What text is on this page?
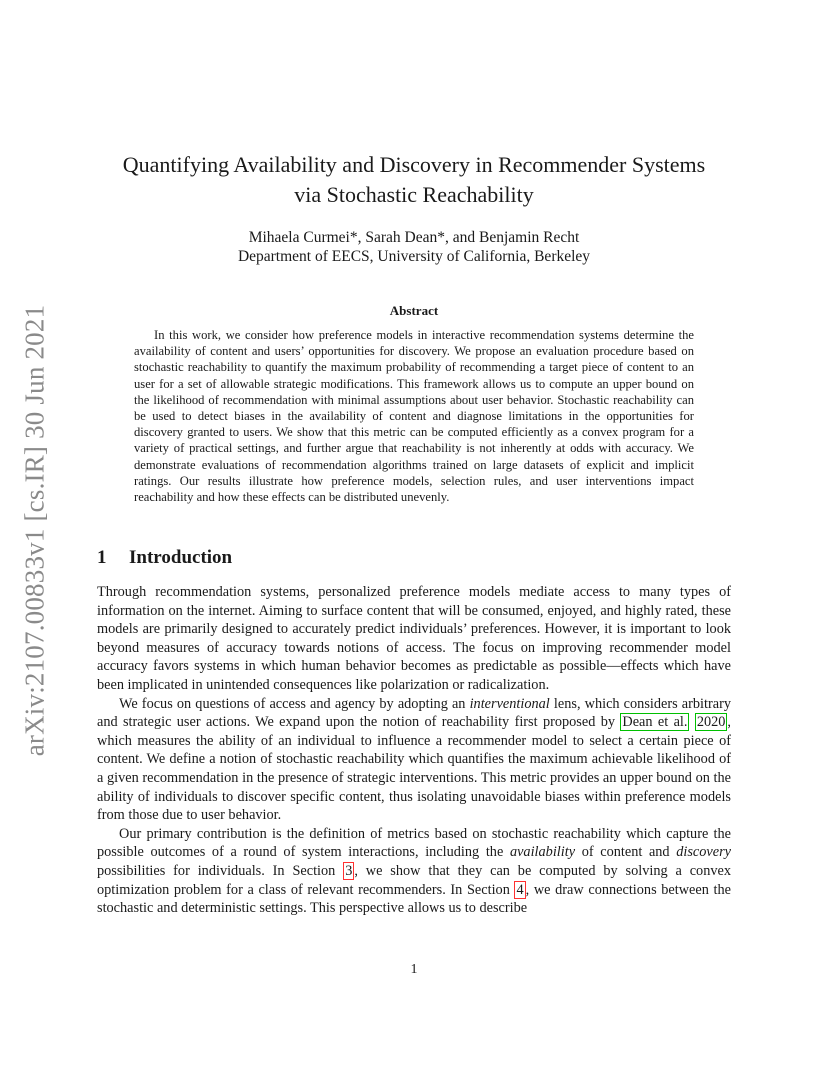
arXiv:2107.00833v1 [cs.IR] 30 Jun 2021
Quantifying Availability and Discovery in Recommender Systems
via Stochastic Reachability
Mihaela Curmei*, Sarah Dean*, and Benjamin Recht
Department of EECS, University of California, Berkeley
Abstract

In this work, we consider how preference models in interactive recommendation systems determine the availability of content and users’ opportunities for discovery. We propose an evaluation procedure based on stochastic reachability to quantify the maximum probability of recommending a target piece of content to an user for a set of allowable strategic modifications. This framework allows us to compute an upper bound on the likelihood of recommendation with minimal assumptions about user behavior. Stochastic reachability can be used to detect biases in the availability of content and diagnose limitations in the opportunities for discovery granted to users. We show that this metric can be computed efficiently as a convex program for a variety of practical settings, and further argue that reachability is not inherently at odds with accuracy. We demonstrate evaluations of recommendation algorithms trained on large datasets of explicit and implicit ratings. Our results illustrate how preference models, selection rules, and user interventions impact reachability and how these effects can be distributed unevenly.

1 Introduction

Through recommendation systems, personalized preference models mediate access to many types of information on the internet. Aiming to surface content that will be consumed, enjoyed, and highly rated, these models are primarily designed to accurately predict individuals’ preferences. However, it is important to look beyond measures of accuracy towards notions of access. The focus on improving recommender model accuracy favors systems in which human behavior becomes as predictable as possible—effects which have been implicated in unintended consequences like polarization or radicalization.

We focus on questions of access and agency by adopting an interventional lens, which considers arbitrary and strategic user actions. We expand upon the notion of reachability first proposed by Dean et al. 2020 , which measures the ability of an individual to influence a recommender model to select a certain piece of content. We define a notion of stochastic reachability which quantifies the maximum achievable likelihood of a given recommendation in the presence of strategic interventions. This metric provides an upper bound on the ability of individuals to discover specific content, thus isolating unavoidable biases within preference models from those due to user behavior.

Our primary contribution is the definition of metrics based on stochastic reachability which capture the possible outcomes of a round of system interactions, including the availability of content and discovery possibilities for individuals. In Section 3 , we show that they can be computed by solving a convex optimization problem for a class of relevant recommenders. In Section 4 , we draw connections between the stochastic and deterministic settings. This perspective allows us to describe

1
